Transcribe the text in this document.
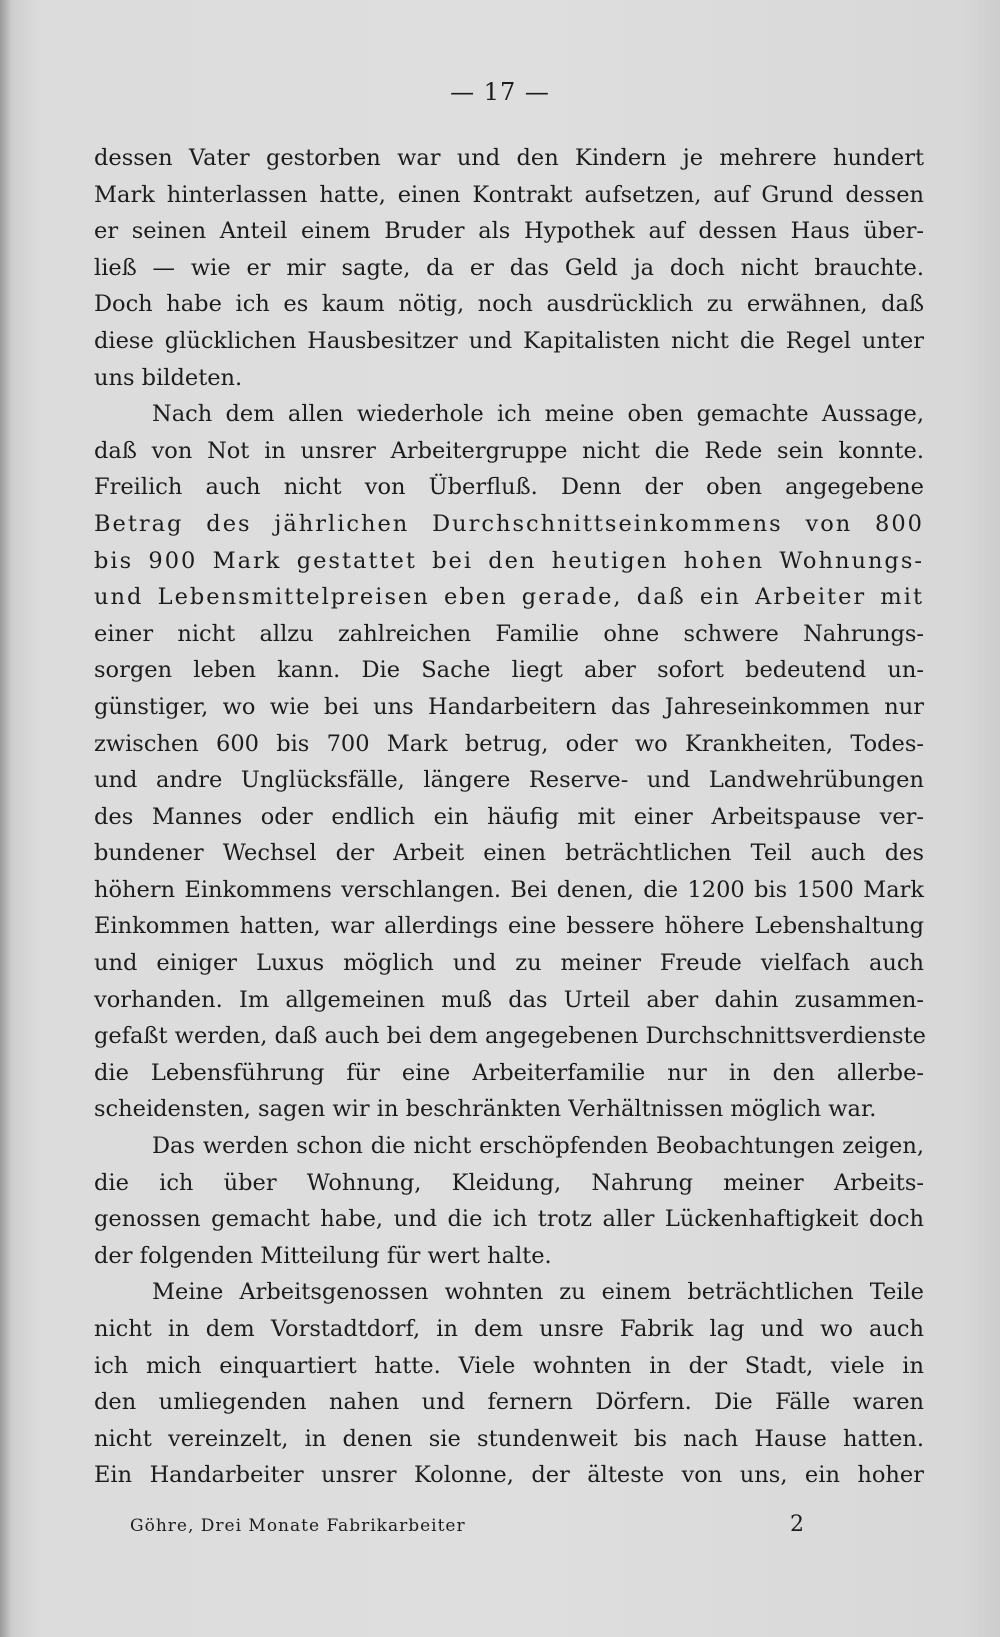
— 17 —
dessen Vater gestorben war und den Kindern je mehrere hundert
Mark hinterlassen hatte, einen Kontrakt aufsetzen, auf Grund dessen
er seinen Anteil einem Bruder als Hypothek auf dessen Haus über-
ließ — wie er mir sagte, da er das Geld ja doch nicht brauchte.
Doch habe ich es kaum nötig, noch ausdrücklich zu erwähnen, daß
diese glücklichen Hausbesitzer und Kapitalisten nicht die Regel unter
uns bildeten.
Nach dem allen wiederhole ich meine oben gemachte Aussage,
daß von Not in unsrer Arbeitergruppe nicht die Rede sein konnte.
Freilich auch nicht von Überfluß. Denn der oben angegebene
Betrag des jährlichen Durchschnittseinkommens von 800
bis 900 Mark gestattet bei den heutigen hohen Wohnungs-
und Lebensmittelpreisen eben gerade, daß ein Arbeiter mit
einer nicht allzu zahlreichen Familie ohne schwere Nahrungs-
sorgen leben kann. Die Sache liegt aber sofort bedeutend un-
günstiger, wo wie bei uns Handarbeitern das Jahreseinkommen nur
zwischen 600 bis 700 Mark betrug, oder wo Krankheiten, Todes-
und andre Unglücksfälle, längere Reserve- und Landwehrübungen
des Mannes oder endlich ein häufig mit einer Arbeitspause ver-
bundener Wechsel der Arbeit einen beträchtlichen Teil auch des
höhern Einkommens verschlangen. Bei denen, die 1200 bis 1500 Mark
Einkommen hatten, war allerdings eine bessere höhere Lebenshaltung
und einiger Luxus möglich und zu meiner Freude vielfach auch
vorhanden. Im allgemeinen muß das Urteil aber dahin zusammen-
gefaßt werden, daß auch bei dem angegebenen Durchschnittsverdienste
die Lebensführung für eine Arbeiterfamilie nur in den allerbe-
scheidensten, sagen wir in beschränkten Verhältnissen möglich war.
Das werden schon die nicht erschöpfenden Beobachtungen zeigen,
die ich über Wohnung, Kleidung, Nahrung meiner Arbeits-
genossen gemacht habe, und die ich trotz aller Lückenhaftigkeit doch
der folgenden Mitteilung für wert halte.
Meine Arbeitsgenossen wohnten zu einem beträchtlichen Teile
nicht in dem Vorstadtdorf, in dem unsre Fabrik lag und wo auch
ich mich einquartiert hatte. Viele wohnten in der Stadt, viele in
den umliegenden nahen und fernern Dörfern. Die Fälle waren
nicht vereinzelt, in denen sie stundenweit bis nach Hause hatten.
Ein Handarbeiter unsrer Kolonne, der älteste von uns, ein hoher
Göhre, Drei Monate Fabrikarbeiter	2
